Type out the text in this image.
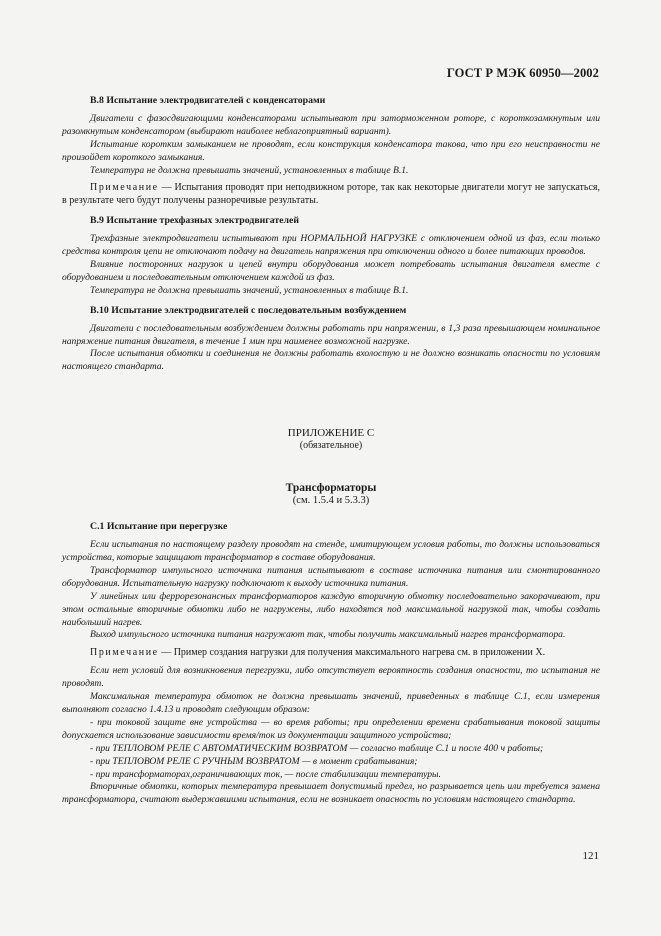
ГОСТ Р МЭК 60950—2002
В.8 Испытание электродвигателей с конденсаторами

Двигатели с фазосдвигающими конденсаторами испытывают при заторможенном роторе, с короткозамкнутым или разомкнутым конденсатором (выбирают наиболее неблагоприятный вариант).

Испытание коротким замыканием не проводят, если конструкция конденсатора такова, что при его неисправности не произойдет короткого замыкания.

Температура не должна превышать значений, установленных в таблице В.1.

Примечание — Испытания проводят при неподвижном роторе, так как некоторые двигатели могут не запускаться, в результате чего будут получены разноречивые результаты.

В.9 Испытание трехфазных электродвигателей

Трехфазные электродвигатели испытывают при НОРМАЛЬНОЙ НАГРУЗКЕ с отключением одной из фаз, если только средства контроля цепи не отключают подачу на двигатель напряжения при отключении одного и более питающих проводов.

Влияние посторонних нагрузок и цепей внутри оборудования может потребовать испытания двигателя вместе с оборудованием и последовательным отключением каждой из фаз.

Температура не должна превышать значений, установленных в таблице В.1.

В.10 Испытание электродвигателей с последовательным возбуждением

Двигатели с последовательным возбуждением должны работать при напряжении, в 1,3 раза превышающем номинальное напряжение питания двигателя, в течение 1 мин при наименее возможной нагрузке.

После испытания обмотки и соединения не должны работать вхолостую и не должно возникать опасности по условиям настоящего стандарта.

ПРИЛОЖЕНИЕ С
(обязательное)
Трансформаторы
(см. 1.5.4 и 5.3.3)
С.1 Испытание при перегрузке

Если испытания по настоящему разделу проводят на стенде, имитирующем условия работы, то должны использоваться устройства, которые защищают трансформатор в составе оборудования.

Трансформатор импульсного источника питания испытывают в составе источника питания или смонтированного оборудования. Испытательную нагрузку подключают к выходу источника питания.

У линейных или феррорезонансных трансформаторов каждую вторичную обмотку последовательно закорачивают, при этом остальные вторичные обмотки либо не нагружены, либо находятся под максимальной нагрузкой так, чтобы создать наибольший нагрев.

Выход импульсного источника питания нагружают так, чтобы получить максимальный нагрев трансформатора.

Примечание — Пример создания нагрузки для получения максимального нагрева см. в приложении X.

Если нет условий для возникновения перегрузки, либо отсутствует вероятность создания опасности, то испытания не проводят.

Максимальная температура обмоток не должна превышать значений, приведенных в таблице С.1, если измерения выполняют согласно 1.4.13 и проводят следующим образом:

- при токовой защите вне устройства — во время работы; при определении времени срабатывания токовой защиты допускается использование зависимости время/ток из документации защитного устройства;

- при ТЕПЛОВОМ РЕЛЕ С АВТОМАТИЧЕСКИМ ВОЗВРАТОМ — согласно таблице С.1 и после 400 ч работы;

- при ТЕПЛОВОМ РЕЛЕ С РУЧНЫМ ВОЗВРАТОМ — в момент срабатывания;

- при трансформаторах,ограничивающих ток, — после стабилизации температуры.

Вторичные обмотки, которых температура превышает допустимый предел, но разрывается цепь или требуется замена трансформатора, считают выдержавшими испытания, если не возникает опасность по условиям настоящего стандарта.

121
